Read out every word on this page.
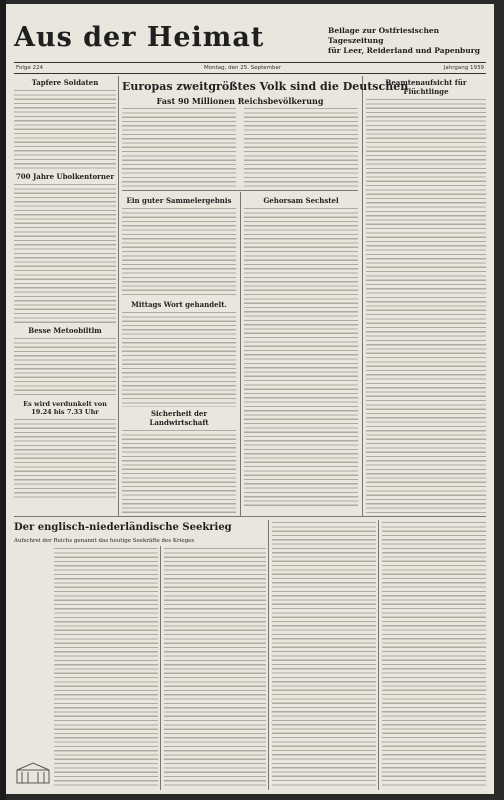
Aus der Heimat	Beilage zur Ostfriesischen Tageszeitung
für Leer, Reiderland und Papenburg
Folge 224	Montag, den 25. September	Jahrgang 1939
Tapfere Soldaten
700 Jahre Ubolkentorner
Besse Metoobiltlm
Es wird verdunkelt von 19.24 bis 7.33 Uhr
Europas zweitgrößtes Volk sind die Deutschen
Fast 90 Millionen Reichsbevölkerung
Ein guter Sammelergebnis
Mittags Wort gehandelt.
Sicherheit der Landwirtschaft
Gehorsam Sechstel
Beamtenaufsicht für Flüchtlinge
Der englisch-niederländische Seekrieg
Aufschrei der Reichs genannt das heutige Seekräfte des Krieges
